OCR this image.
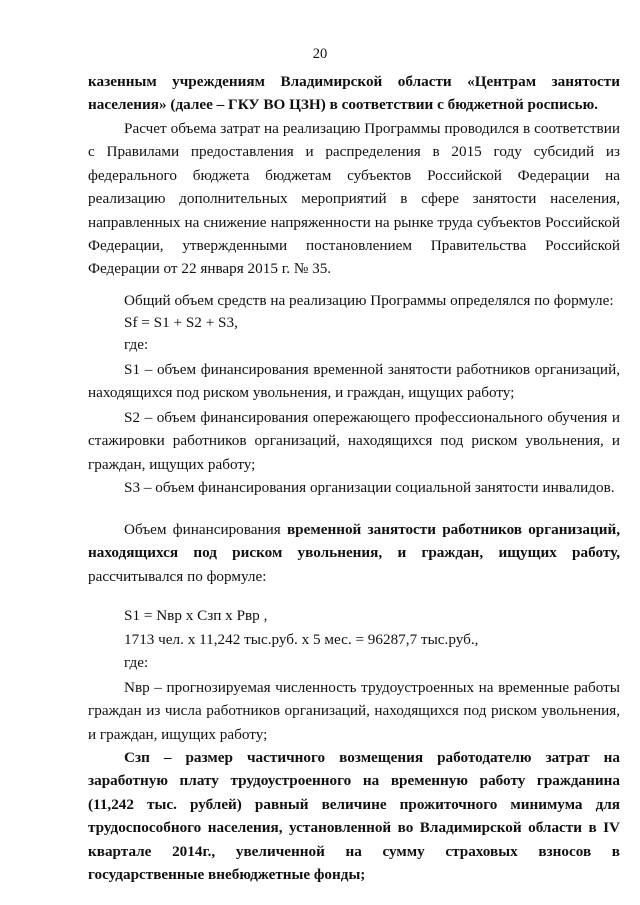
20

казенным учреждениям Владимирской области «Центрам занятости населения» (далее – ГКУ ВО ЦЗН) в соответствии с бюджетной росписью.

Расчет объема затрат на реализацию Программы проводился в соответствии с Правилами предоставления и распределения в 2015 году субсидий из федерального бюджета бюджетам субъектов Российской Федерации на реализацию дополнительных мероприятий в сфере занятости населения, направленных на снижение напряженности на рынке труда субъектов Российской Федерации, утвержденными постановлением Правительства Российской Федерации от 22 января 2015 г. № 35.

Общий объем средств на реализацию Программы определялся по формуле:

Sf = S1 + S2 + S3,

где:

S1 – объем финансирования временной занятости работников организаций, находящихся под риском увольнения, и граждан, ищущих работу;

S2 – объем финансирования опережающего профессионального обучения и стажировки работников организаций, находящихся под риском увольнения, и граждан, ищущих работу;

S3 – объем финансирования организации социальной занятости инвалидов.

Объем финансирования временной занятости работников организаций, находящихся под риском увольнения, и граждан, ищущих работу, рассчитывался по формуле:

S1 = Nвр x Сзп x Рвр ,

1713 чел. х 11,242 тыс.руб. х 5 мес. = 96287,7 тыс.руб.,

где:

Nвр – прогнозируемая численность трудоустроенных на временные работы граждан из числа работников организаций, находящихся под риском увольнения, и граждан, ищущих работу;

Сзп – размер частичного возмещения работодателю затрат на заработную плату трудоустроенного на временную работу гражданина (11,242 тыс. рублей) равный величине прожиточного минимума для трудоспособного населения, установленной во Владимирской области в IV квартале 2014г., увеличенной на сумму страховых взносов в государственные внебюджетные фонды;
